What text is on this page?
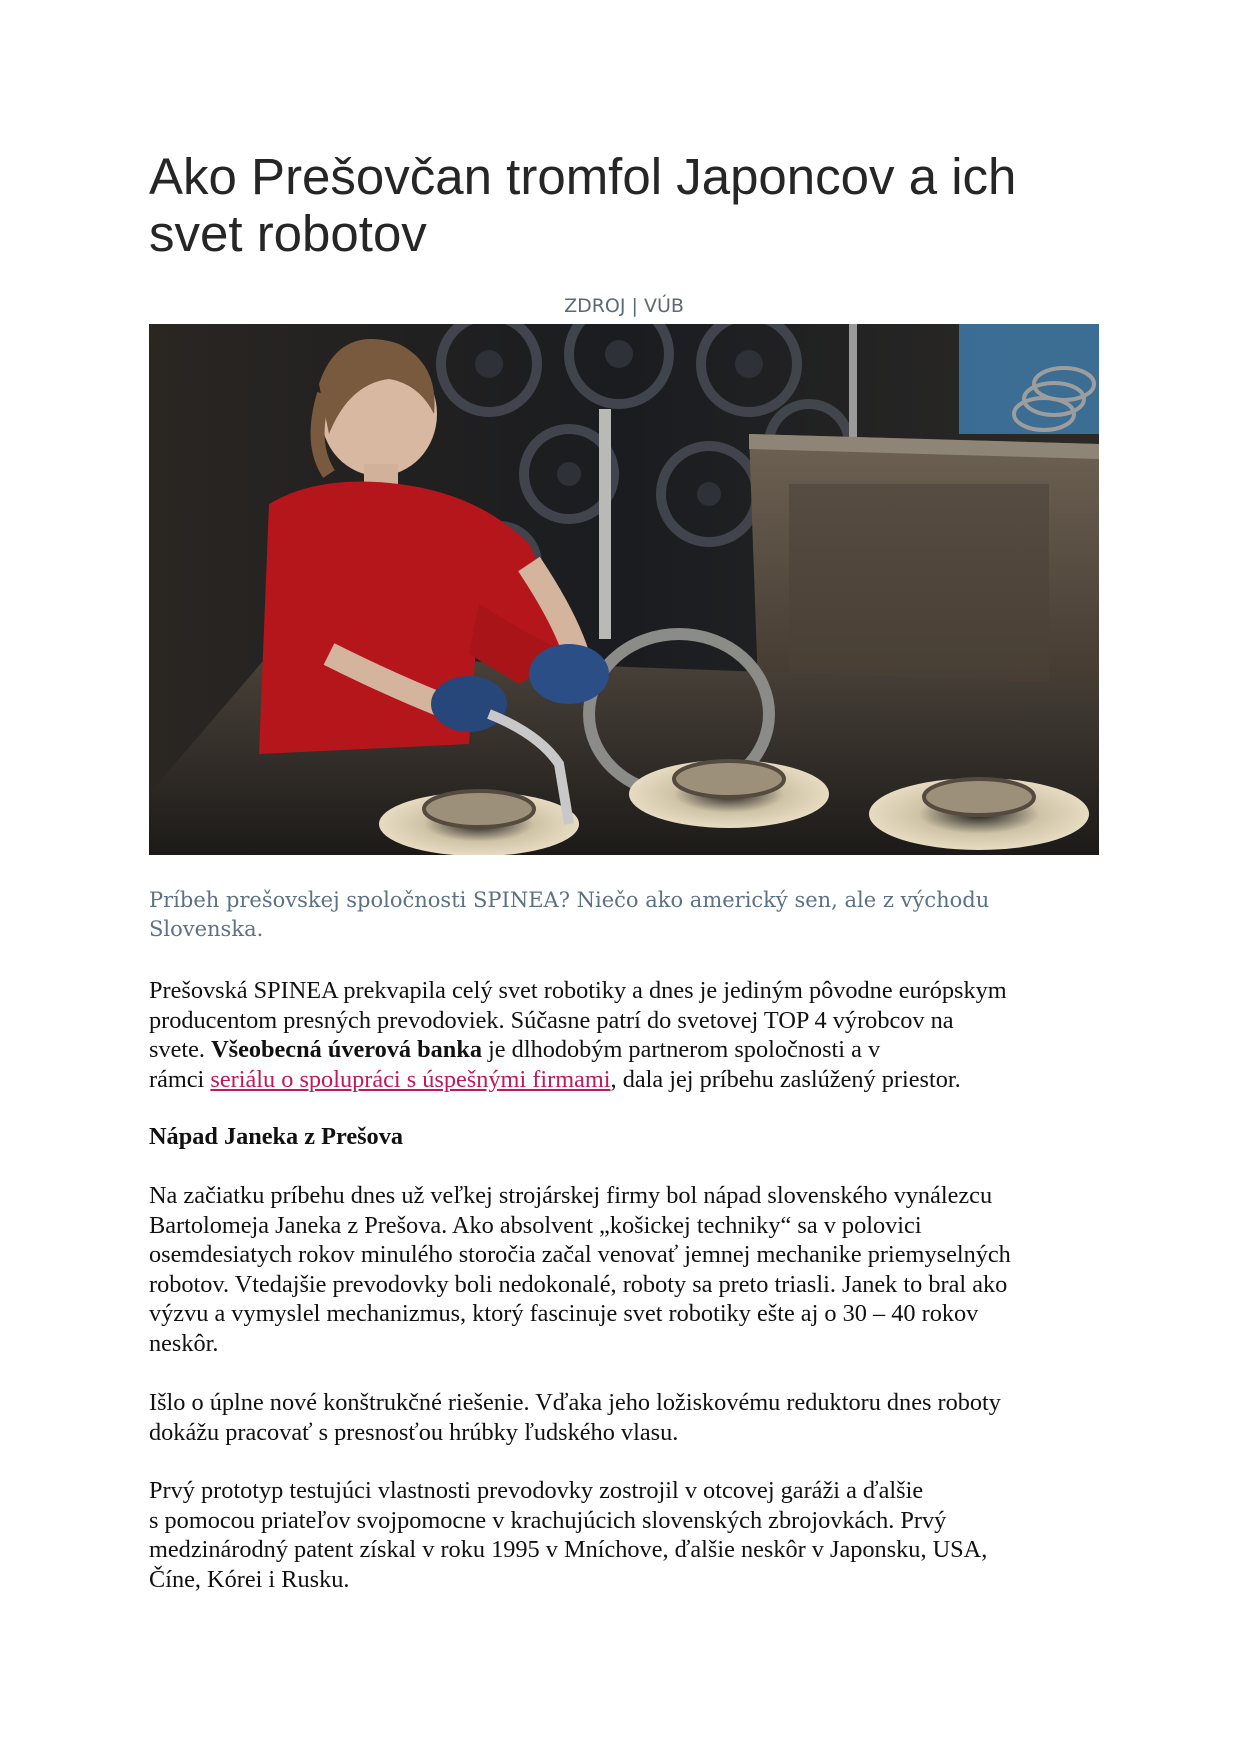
Ako Prešovčan tromfol Japoncov a ich
svet robotov
ZDROJ | VÚB

Príbeh prešovskej spoločnosti SPINEA? Niečo ako americký sen, ale z východu
Slovenska.

Prešovská SPINEA prekvapila celý svet robotiky a dnes je jediným pôvodne európskym
producentom presných prevodoviek. Súčasne patrí do svetovej TOP 4 výrobcov na
svete. Všeobecná úverová banka je dlhodobým partnerom spoločnosti a v
rámci seriálu o spolupráci s úspešnými firmami, dala jej príbehu zaslúžený priestor.

Nápad Janeka z Prešova

Na začiatku príbehu dnes už veľkej strojárskej firmy bol nápad slovenského vynálezcu
Bartolomeja Janeka z Prešova. Ako absolvent „košickej techniky“ sa v polovici
osemdesiatych rokov minulého storočia začal venovať jemnej mechanike priemyselných
robotov. Vtedajšie prevodovky boli nedokonalé, roboty sa preto triasli. Janek to bral ako
výzvu a vymyslel mechanizmus, ktorý fascinuje svet robotiky ešte aj o 30 – 40 rokov
neskôr.

Išlo o úplne nové konštrukčné riešenie. Vďaka jeho ložiskovému reduktoru dnes roboty
dokážu pracovať s presnosťou hrúbky ľudského vlasu.

Prvý prototyp testujúci vlastnosti prevodovky zostrojil v otcovej garáži a ďalšie
s pomocou priateľov svojpomocne v krachujúcich slovenských zbrojovkách. Prvý
medzinárodný patent získal v roku 1995 v Mníchove, ďalšie neskôr v Japonsku, USA,
Číne, Kórei i Rusku.
